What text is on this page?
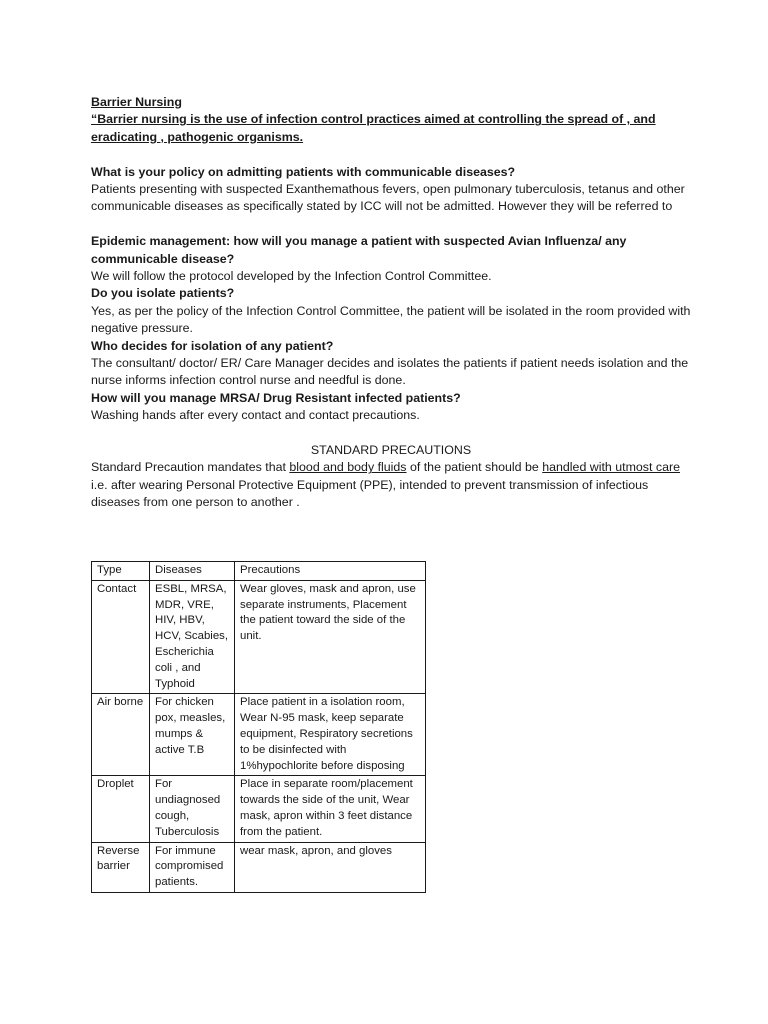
Barrier Nursing

“Barrier nursing is the use of infection control practices aimed at controlling the spread of , and eradicating , pathogenic organisms.

What is your policy on admitting patients with communicable diseases?

Patients presenting with suspected Exanthemathous fevers, open pulmonary tuberculosis, tetanus and other communicable diseases as specifically stated by ICC will not be admitted. However they will be referred to

Epidemic management: how will you manage a patient with suspected Avian Influenza/ any communicable disease?

We will follow the protocol developed by the Infection Control Committee.

Do you isolate patients?

Yes, as per the policy of the Infection Control Committee, the patient will be isolated in the room provided with negative pressure.

Who decides for isolation of any patient?

The consultant/ doctor/ ER/ Care Manager decides and isolates the patients if patient needs isolation and the nurse informs infection control nurse and needful is done.

How will you manage MRSA/ Drug Resistant infected patients?

Washing hands after every contact and contact precautions.

STANDARD PRECAUTIONS

Standard Precaution mandates that blood and body fluids of the patient should be handled with utmost care i.e. after wearing Personal Protective Equipment (PPE), intended to prevent transmission of infectious diseases from one person to another .

Type	Diseases	Precautions
Contact	ESBL, MRSA, MDR, VRE, HIV, HBV, HCV, Scabies, Escherichia coli , and Typhoid	Wear gloves, mask and apron, use separate instruments, Placement the patient toward the side of the unit.
Air borne	For chicken pox, measles, mumps & active T.B	Place patient in a isolation room, Wear N-95 mask, keep separate equipment, Respiratory secretions to be disinfected with 1%hypochlorite before disposing
Droplet	For undiagnosed cough, Tuberculosis	Place in separate room/placement towards the side of the unit, Wear mask, apron within 3 feet distance from the patient.
Reverse barrier	For immune compromised patients.	wear mask, apron, and gloves
